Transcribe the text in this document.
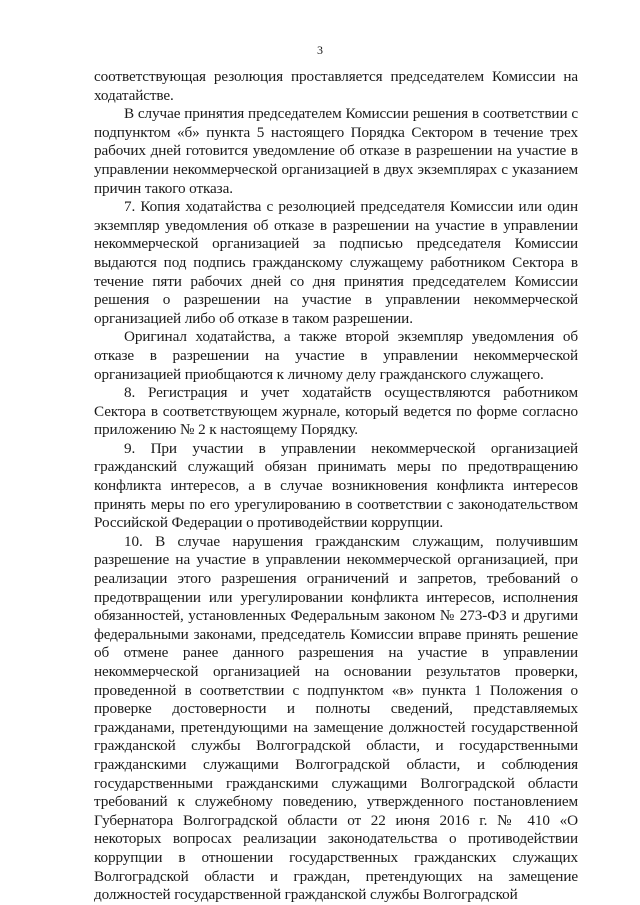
3

соответствующая резолюция проставляется председателем Комиссии на ходатайстве.

В случае принятия председателем Комиссии решения в соответствии с подпунктом «б» пункта 5 настоящего Порядка Сектором в течение трех рабочих дней готовится уведомление об отказе в разрешении на участие в управлении некоммерческой организацией в двух экземплярах с указанием причин такого отказа.

7. Копия ходатайства с резолюцией председателя Комиссии или один экземпляр уведомления об отказе в разрешении на участие в управлении некоммерческой организацией за подписью председателя Комиссии выдаются под подпись гражданскому служащему работником Сектора в течение пяти рабочих дней со дня принятия председателем Комиссии решения о разрешении на участие в управлении некоммерческой организацией либо об отказе в таком разрешении.

Оригинал ходатайства, а также второй экземпляр уведомления об отказе в разрешении на участие в управлении некоммерческой организацией приобщаются к личному делу гражданского служащего.

8. Регистрация и учет ходатайств осуществляются работником Сектора в соответствующем журнале, который ведется по форме согласно приложению № 2 к настоящему Порядку.

9. При участии в управлении некоммерческой организацией гражданский служащий обязан принимать меры по предотвращению конфликта интересов, а в случае возникновения конфликта интересов принять меры по его урегулированию в соответствии с законодательством Российской Федерации о противодействии коррупции.

10. В случае нарушения гражданским служащим, получившим разрешение на участие в управлении некоммерческой организацией, при реализации этого разрешения ограничений и запретов, требований о предотвращении или урегулировании конфликта интересов, исполнения обязанностей, установленных Федеральным законом № 273-ФЗ и другими федеральными законами, председатель Комиссии вправе принять решение об отмене ранее данного разрешения на участие в управлении некоммерческой организацией на основании результатов проверки, проведенной в соответствии с подпунктом «в» пункта 1 Положения о проверке достоверности и полноты сведений, представляемых гражданами, претендующими на замещение должностей государственной гражданской службы Волгоградской области, и государственными гражданскими служащими Волгоградской области, и соблюдения государственными гражданскими служащими Волгоградской области требований к служебному поведению, утвержденного постановлением Губернатора Волгоградской области от 22 июня 2016 г. № 410 «О некоторых вопросах реализации законодательства о противодействии коррупции в отношении государственных гражданских служащих Волгоградской области и граждан, претендующих на замещение должностей государственной гражданской службы Волгоградской
